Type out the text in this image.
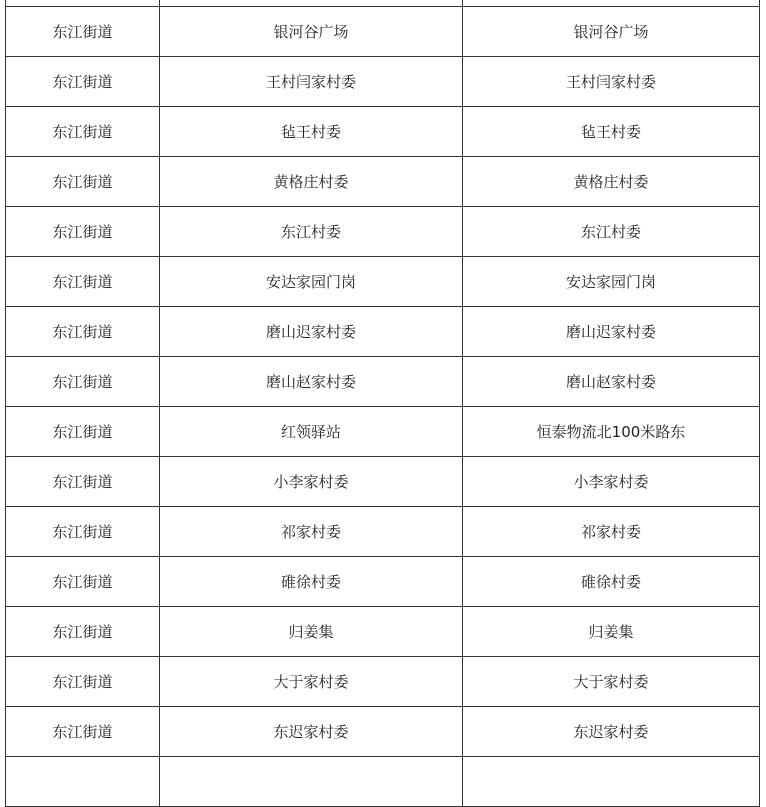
东江街道	银河谷广场	银河谷广场
东江街道	王村闫家村委	王村闫家村委
东江街道	毡王村委	毡王村委
东江街道	黄格庄村委	黄格庄村委
东江街道	东江村委	东江村委
东江街道	安达家园门岗	安达家园门岗
东江街道	磨山迟家村委	磨山迟家村委
东江街道	磨山赵家村委	磨山赵家村委
东江街道	红领驿站	恒泰物流北100米路东
东江街道	小李家村委	小李家村委
东江街道	祁家村委	祁家村委
东江街道	碓徐村委	碓徐村委
东江街道	归姜集	归姜集
东江街道	大于家村委	大于家村委
东江街道	东迟家村委	东迟家村委
